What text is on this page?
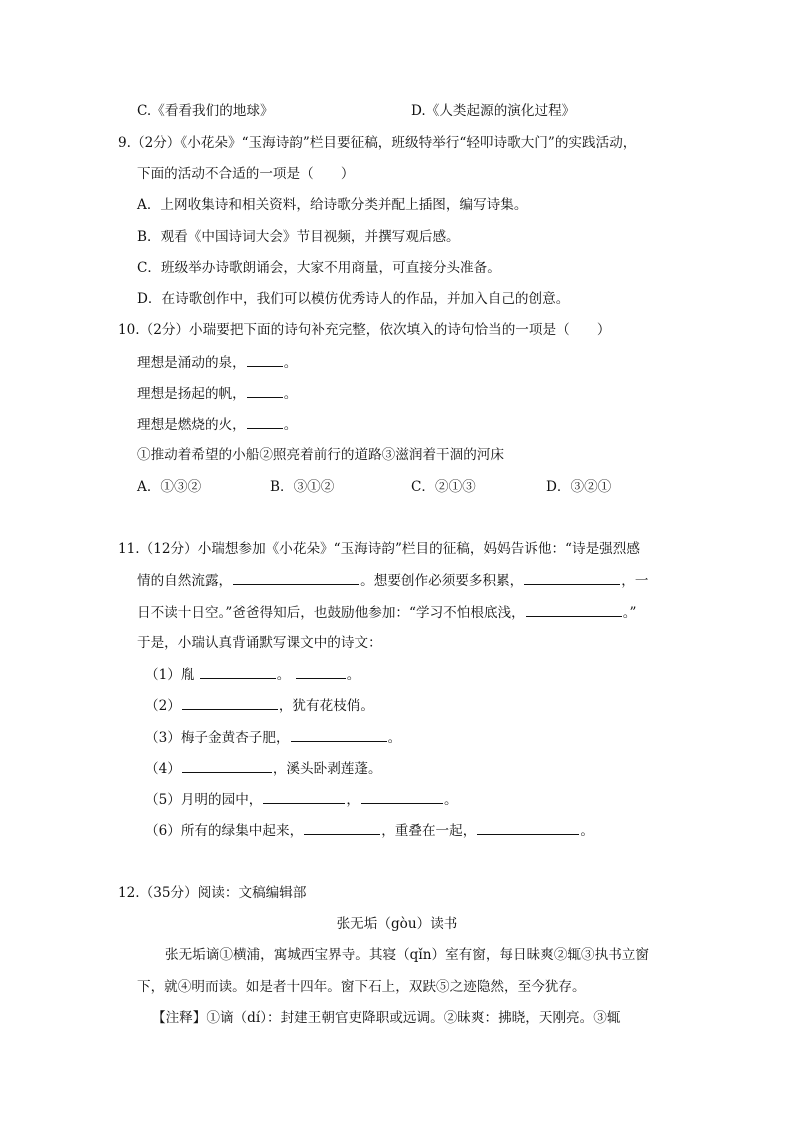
C.《看看我们的地球》	D.《人类起源的演化过程》
9.（2分）《小花朵》“玉海诗韵”栏目要征稿，班级特举行“轻叩诗歌大门”的实践活动，
下面的活动不合适的一项是（　　）
A．上网收集诗和相关资料，给诗歌分类并配上插图，编写诗集。
B．观看《中国诗词大会》节目视频，并撰写观后感。
C．班级举办诗歌朗诵会，大家不用商量，可直接分头准备。
D．在诗歌创作中，我们可以模仿优秀诗人的作品，并加入自己的创意。
10.（2分）小瑞要把下面的诗句补充完整，依次填入的诗句恰当的一项是（　　）
理想是涌动的泉，	。
理想是扬起的帆，	。
理想是燃烧的火，	。
①推动着希望的小船②照亮着前行的道路③滋润着干涸的河床
A．①③②	B．③①②	C．②①③	D．③②①
11.（12分）小瑞想参加《小花朵》“玉海诗韵”栏目的征稿，妈妈告诉他：“诗是强烈感
情的自然流露，	。想要创作必须要多积累，	，一
日不读十日空。”爸爸得知后，也鼓励他参加：“学习不怕根底浅，	。”
于是，小瑞认真背诵默写课文中的诗文：
（1）胤	。	。
（2）	，犹有花枝俏。
（3）梅子金黄杏子肥，	。
（4）	，溪头卧剥莲蓬。
（5）月明的园中，	，	。
（6）所有的绿集中起来，	，重叠在一起，	。
12.（35分）阅读：文稿编辑部
张无垢（gòu）读书
张无垢谪①横浦，寓城西宝界寺。其寝（qǐn）室有窗，每日昧爽②辄③执书立窗
下，就④明而读。如是者十四年。窗下石上，双趺⑤之迹隐然，至今犹存。
【注释】①谪（dí）：封建王朝官吏降职或远调。②昧爽：拂晓，天刚亮。③辄
